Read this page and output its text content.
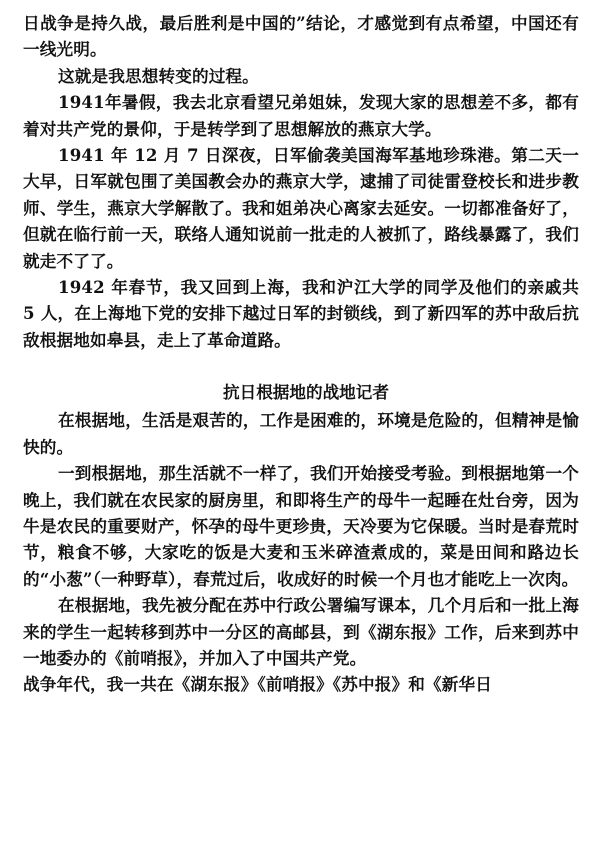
日战争是持久战，最后胜利是中国的”结论，才感觉到有点希望，中国还有一线光明。

这就是我思想转变的过程。

1941年暑假，我去北京看望兄弟姐妹，发现大家的思想差不多，都有着对共产党的景仰，于是转学到了思想解放的燕京大学。

1941 年 12 月 7 日深夜，日军偷袭美国海军基地珍珠港。第二天一大早，日军就包围了美国教会办的燕京大学，逮捕了司徒雷登校长和进步教师、学生，燕京大学解散了。我和姐弟决心离家去延安。一切都准备好了，但就在临行前一天，联络人通知说前一批走的人被抓了，路线暴露了，我们就走不了了。

1942 年春节，我又回到上海，我和沪江大学的同学及他们的亲戚共 5 人，在上海地下党的安排下越过日军的封锁线，到了新四军的苏中敌后抗敌根据地如皋县，走上了革命道路。

抗日根据地的战地记者

在根据地，生活是艰苦的，工作是困难的，环境是危险的，但精神是愉快的。

一到根据地，那生活就不一样了，我们开始接受考验。到根据地第一个晚上，我们就在农民家的厨房里，和即将生产的母牛一起睡在灶台旁，因为牛是农民的重要财产，怀孕的母牛更珍贵，天冷要为它保暖。当时是春荒时节，粮食不够，大家吃的饭是大麦和玉米碎渣煮成的，菜是田间和路边长的“小葱”（一种野草），春荒过后，收成好的时候一个月也才能吃上一次肉。

在根据地，我先被分配在苏中行政公署编写课本，几个月后和一批上海来的学生一起转移到苏中一分区的高邮县，到《湖东报》工作，后来到苏中一地委办的《前哨报》，并加入了中国共产党。

战争年代，我一共在《湖东报》《前哨报》《苏中报》和《新华日
